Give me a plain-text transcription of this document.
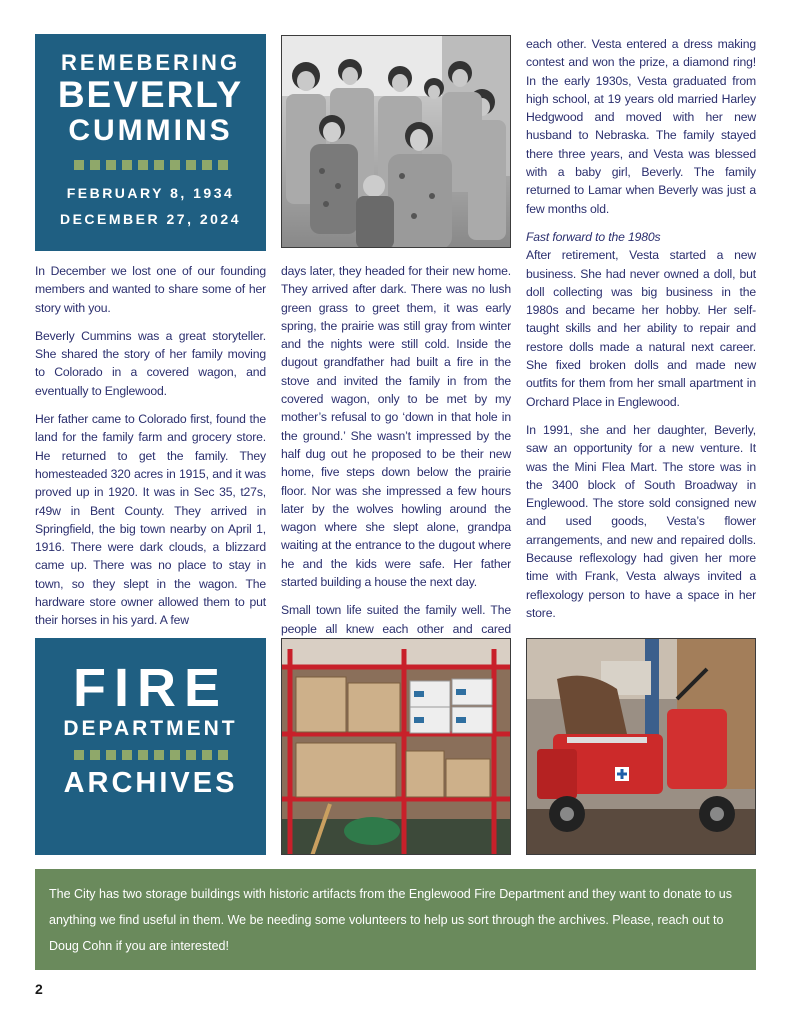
REMEBERING
BEVERLY
CUMMINS
FEBRUARY 8, 1934
DECEMBER 27, 2024

In December we lost one of our founding members and wanted to share some of her story with you.

Beverly Cummins was a great storyteller. She shared the story of her family moving to Colorado in a covered wagon, and eventually to Englewood.

Her father came to Colorado first, found the land for the family farm and grocery store. He returned to get the family. They homesteaded 320 acres in 1915, and it was proved up in 1920. It was in Sec 35, t27s, r49w in Bent County. They arrived in Springfield, the big town nearby on April 1, 1916. There were dark clouds, a blizzard came up. There was no place to stay in town, so they slept in the wagon. The hardware store owner allowed them to put their horses in his yard. A few

days later, they headed for their new home. They arrived after dark. There was no lush green grass to greet them, it was early spring, the prairie was still gray from winter and the nights were still cold. Inside the dugout grandfather had built a fire in the stove and invited the family in from the covered wagon, only to be met by my mother’s refusal to go ‘down in that hole in the ground.’ She wasn’t impressed by the half dug out he proposed to be their new home, five steps down below the prairie floor. Nor was she impressed a few hours later by the wolves howling around the wagon where she slept alone, grandpa waiting at the entrance to the dugout where he and the kids were safe. Her father started building a house the next day.

Small town life suited the family well. The people all knew each other and cared

each other. Vesta entered a dress making contest and won the prize, a diamond ring! In the early 1930s, Vesta graduated from high school, at 19 years old married Harley Hedgwood and moved with her new husband to Nebraska. The family stayed there three years, and Vesta was blessed with a baby girl, Beverly. The family returned to Lamar when Beverly was just a few months old.

Fast forward to the 1980s

After retirement, Vesta started a new business. She had never owned a doll, but doll collecting was big business in the 1980s and became her hobby. Her self- taught skills and her ability to repair and restore dolls made a natural next career. She fixed broken dolls and made new outfits for them from her small apartment in Orchard Place in Englewood.

In 1991, she and her daughter, Beverly, saw an opportunity for a new venture. It was the Mini Flea Mart. The store was in the 3400 block of South Broadway in Englewood. The store sold consigned new and used goods, Vesta’s flower arrangements, and new and repaired dolls. Because reflexology had given her more time with Frank, Vesta always invited a reflexology person to have a space in her store.

FIRE
DEPARTMENT
ARCHIVES
The City has two storage buildings with historic artifacts from the Englewood Fire Department and they want to donate to us anything we find useful in them. We be needing some volunteers to help us sort through the archives. Please, reach out to Doug Cohn if you are interested!
2
